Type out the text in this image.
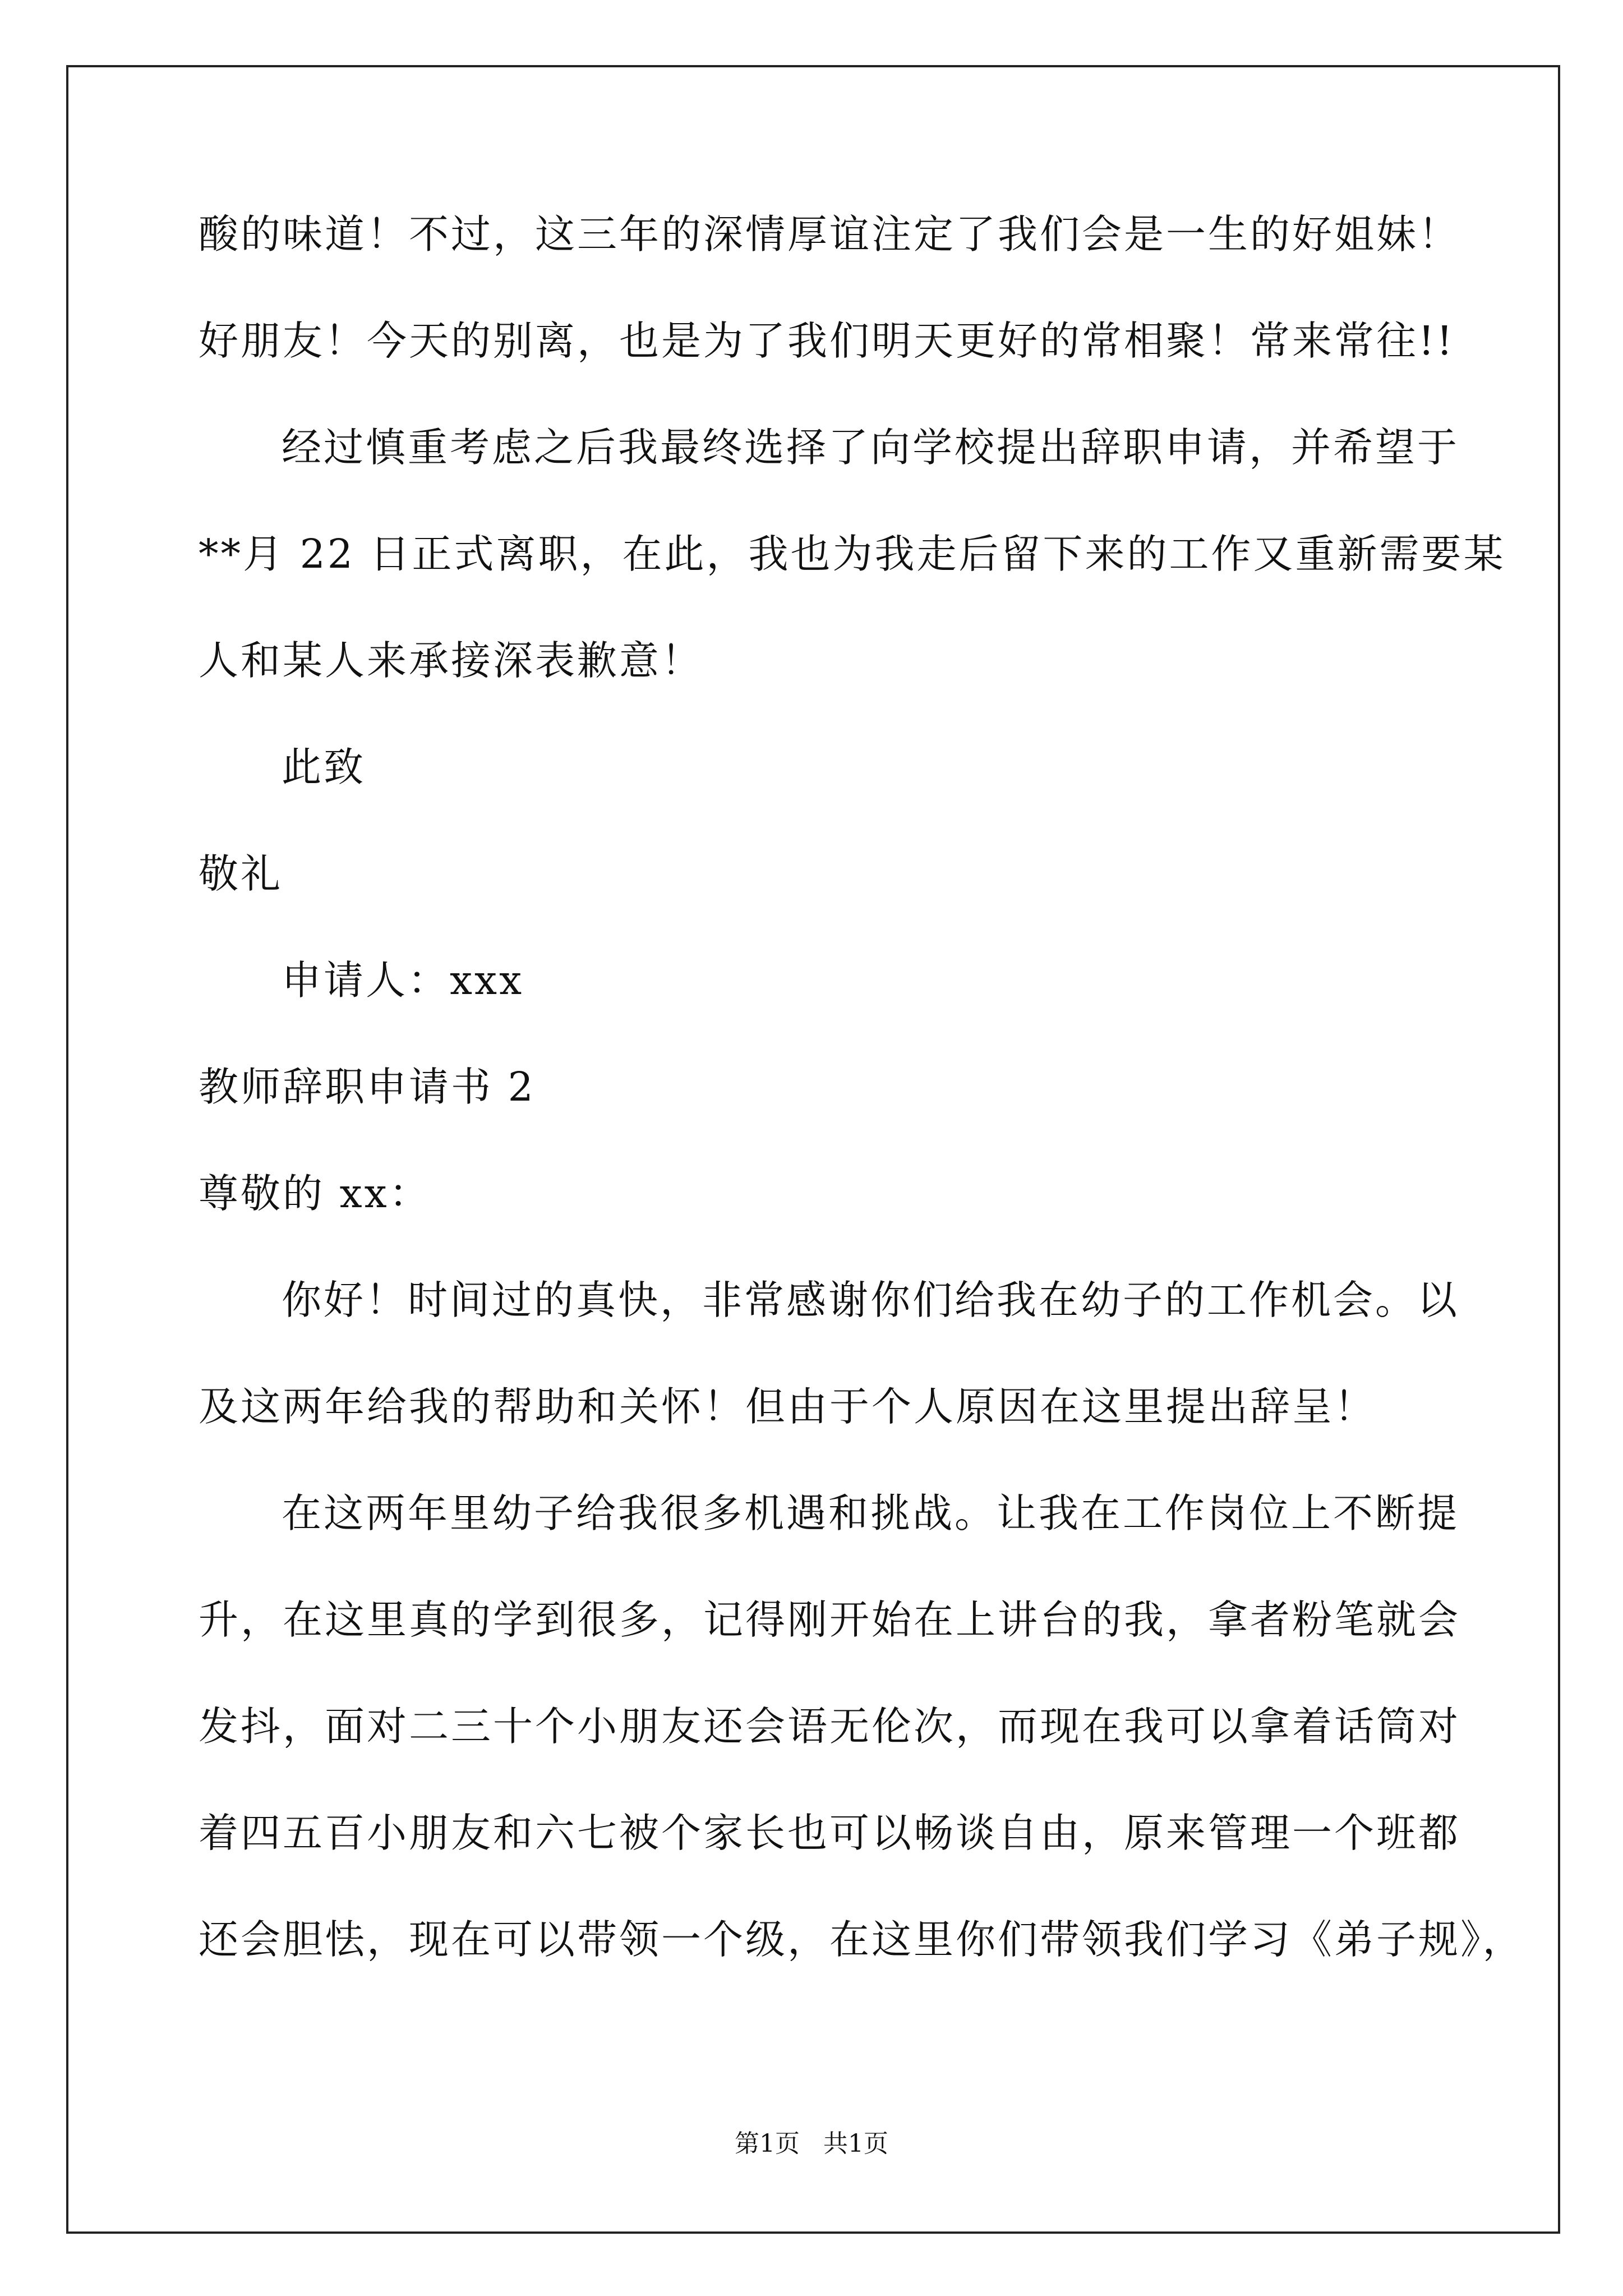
酸的味道！不过，这三年的深情厚谊注定了我们会是一生的好姐妹！
好朋友！今天的别离，也是为了我们明天更好的常相聚！常来常往!!
经过慎重考虑之后我最终选择了向学校提出辞职申请，并希望于
**月 22 日正式离职，在此，我也为我走后留下来的工作又重新需要某
人和某人来承接深表歉意！
此致
敬礼
申请人：xxx
教师辞职申请书 2
尊敬的 xx：
你好！时间过的真快，非常感谢你们给我在幼子的工作机会。以
及这两年给我的帮助和关怀！但由于个人原因在这里提出辞呈！
在这两年里幼子给我很多机遇和挑战。让我在工作岗位上不断提
升，在这里真的学到很多，记得刚开始在上讲台的我，拿者粉笔就会
发抖，面对二三十个小朋友还会语无伦次，而现在我可以拿着话筒对
着四五百小朋友和六七被个家长也可以畅谈自由，原来管理一个班都
还会胆怯，现在可以带领一个级，在这里你们带领我们学习《弟子规》，
第1页   共1页
